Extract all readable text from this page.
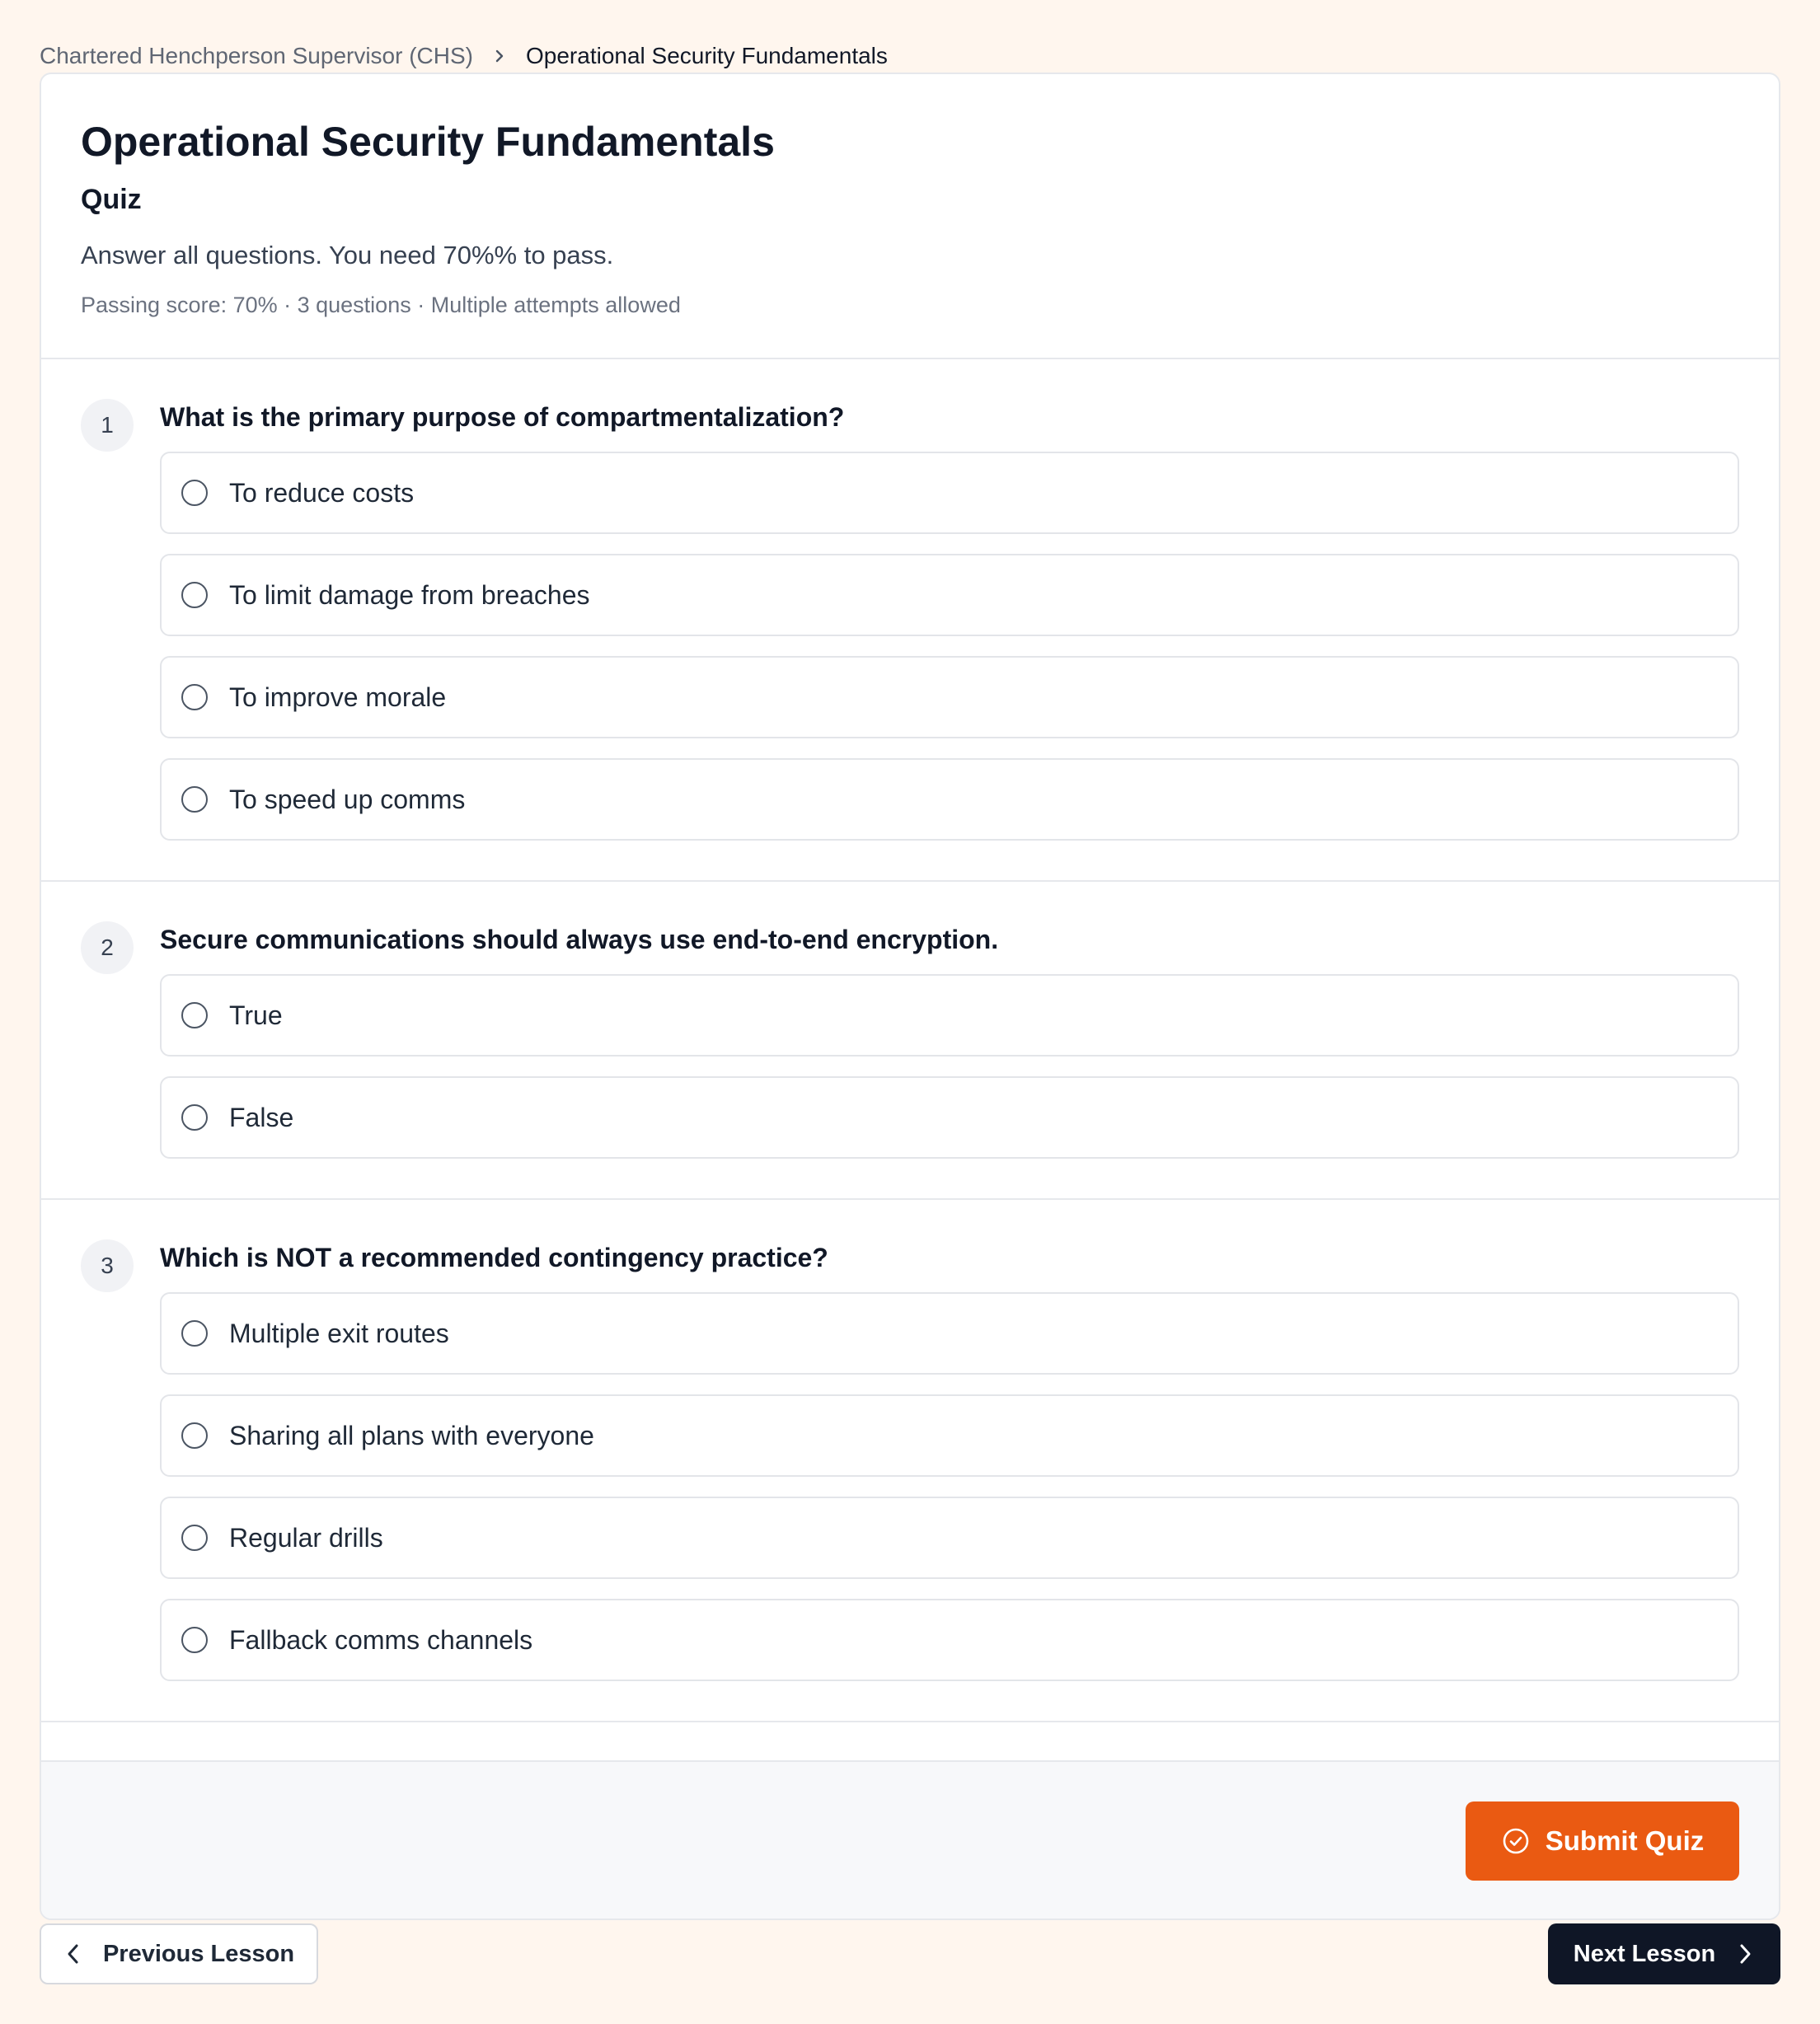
Chartered Henchperson Supervisor (CHS) Operational Security Fundamentals
Operational Security Fundamentals
Quiz

Answer all questions. You need 70%% to pass.

Passing score: 70% · 3 questions · Multiple attempts allowed

1	What is the primary purpose of compartmentalization?
To reduce costs
To limit damage from breaches
To improve morale
To speed up comms
2	Secure communications should always use end-to-end encryption.
True
False
3	Which is NOT a recommended contingency practice?
Multiple exit routes
Sharing all plans with everyone
Regular drills
Fallback comms channels
Submit Quiz
Previous Lesson	Next Lesson
